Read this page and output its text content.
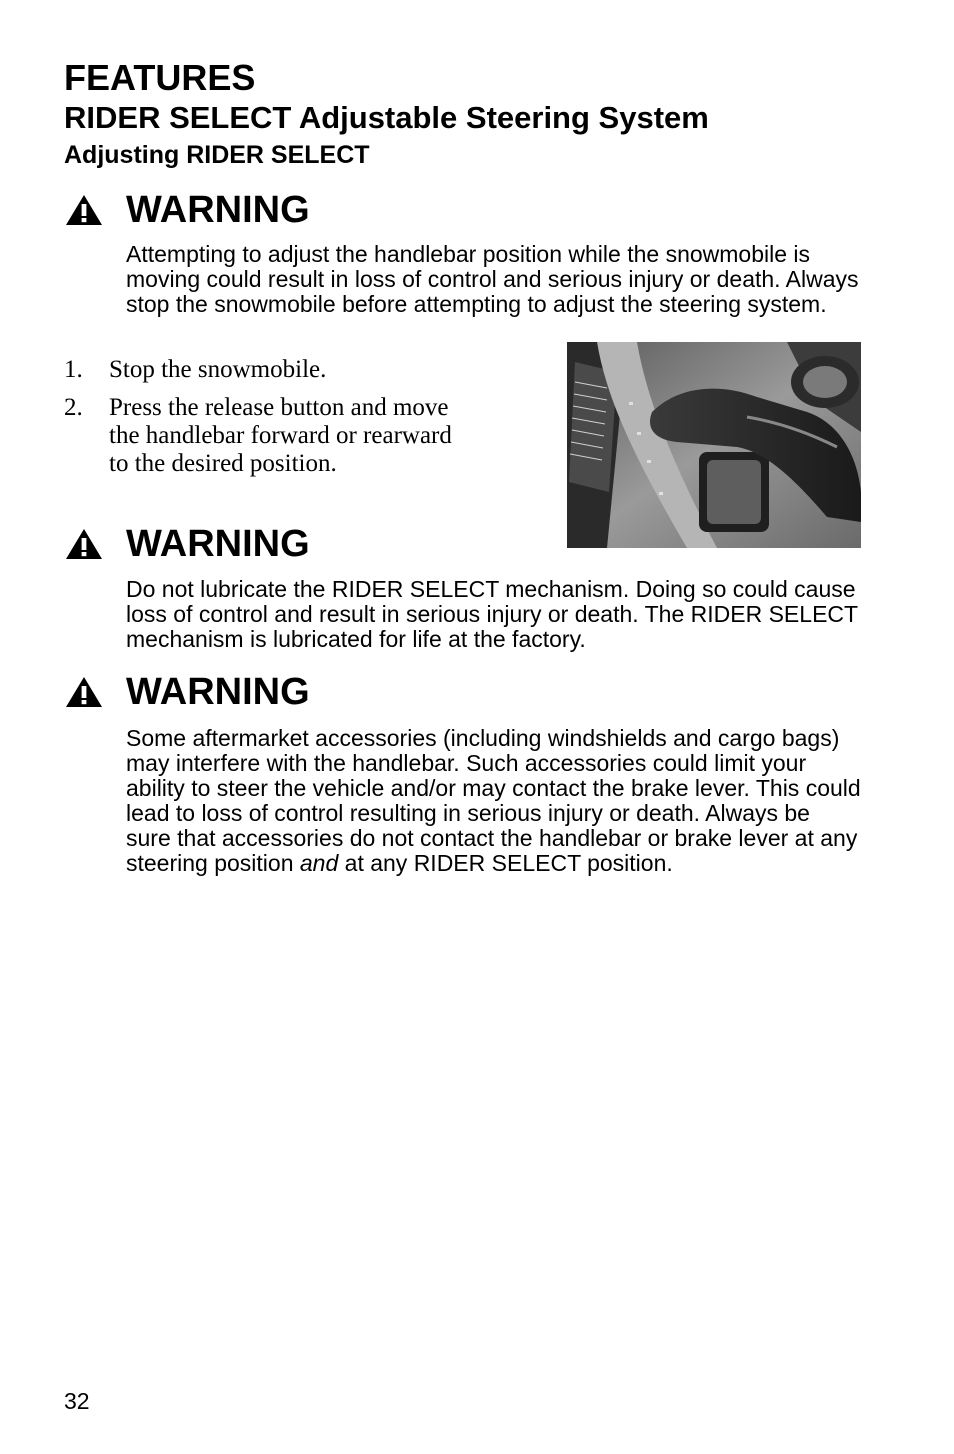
FEATURES
RIDER SELECT Adjustable Steering System
Adjusting RIDER SELECT
WARNING

Attempting to adjust the handlebar position while the snowmobile is moving could result in loss of control and serious injury or death. Always stop the snowmobile before attempting to adjust the steering system.

1.	Stop the snowmobile.
2.	Press the release button and move the handlebar forward or rearward to the desired position.
WARNING

Do not lubricate the RIDER SELECT mechanism. Doing so could cause loss of control and result in serious injury or death. The RIDER SELECT mechanism is lubricated for life at the factory.

WARNING

Some aftermarket accessories (including windshields and cargo bags) may interfere with the handlebar. Such accessories could limit your ability to steer the vehicle and/or may contact the brake lever. This could lead to loss of control resulting in serious injury or death. Always be sure that accessories do not contact the handlebar or brake lever at any steering position and at any RIDER SELECT position.

32
